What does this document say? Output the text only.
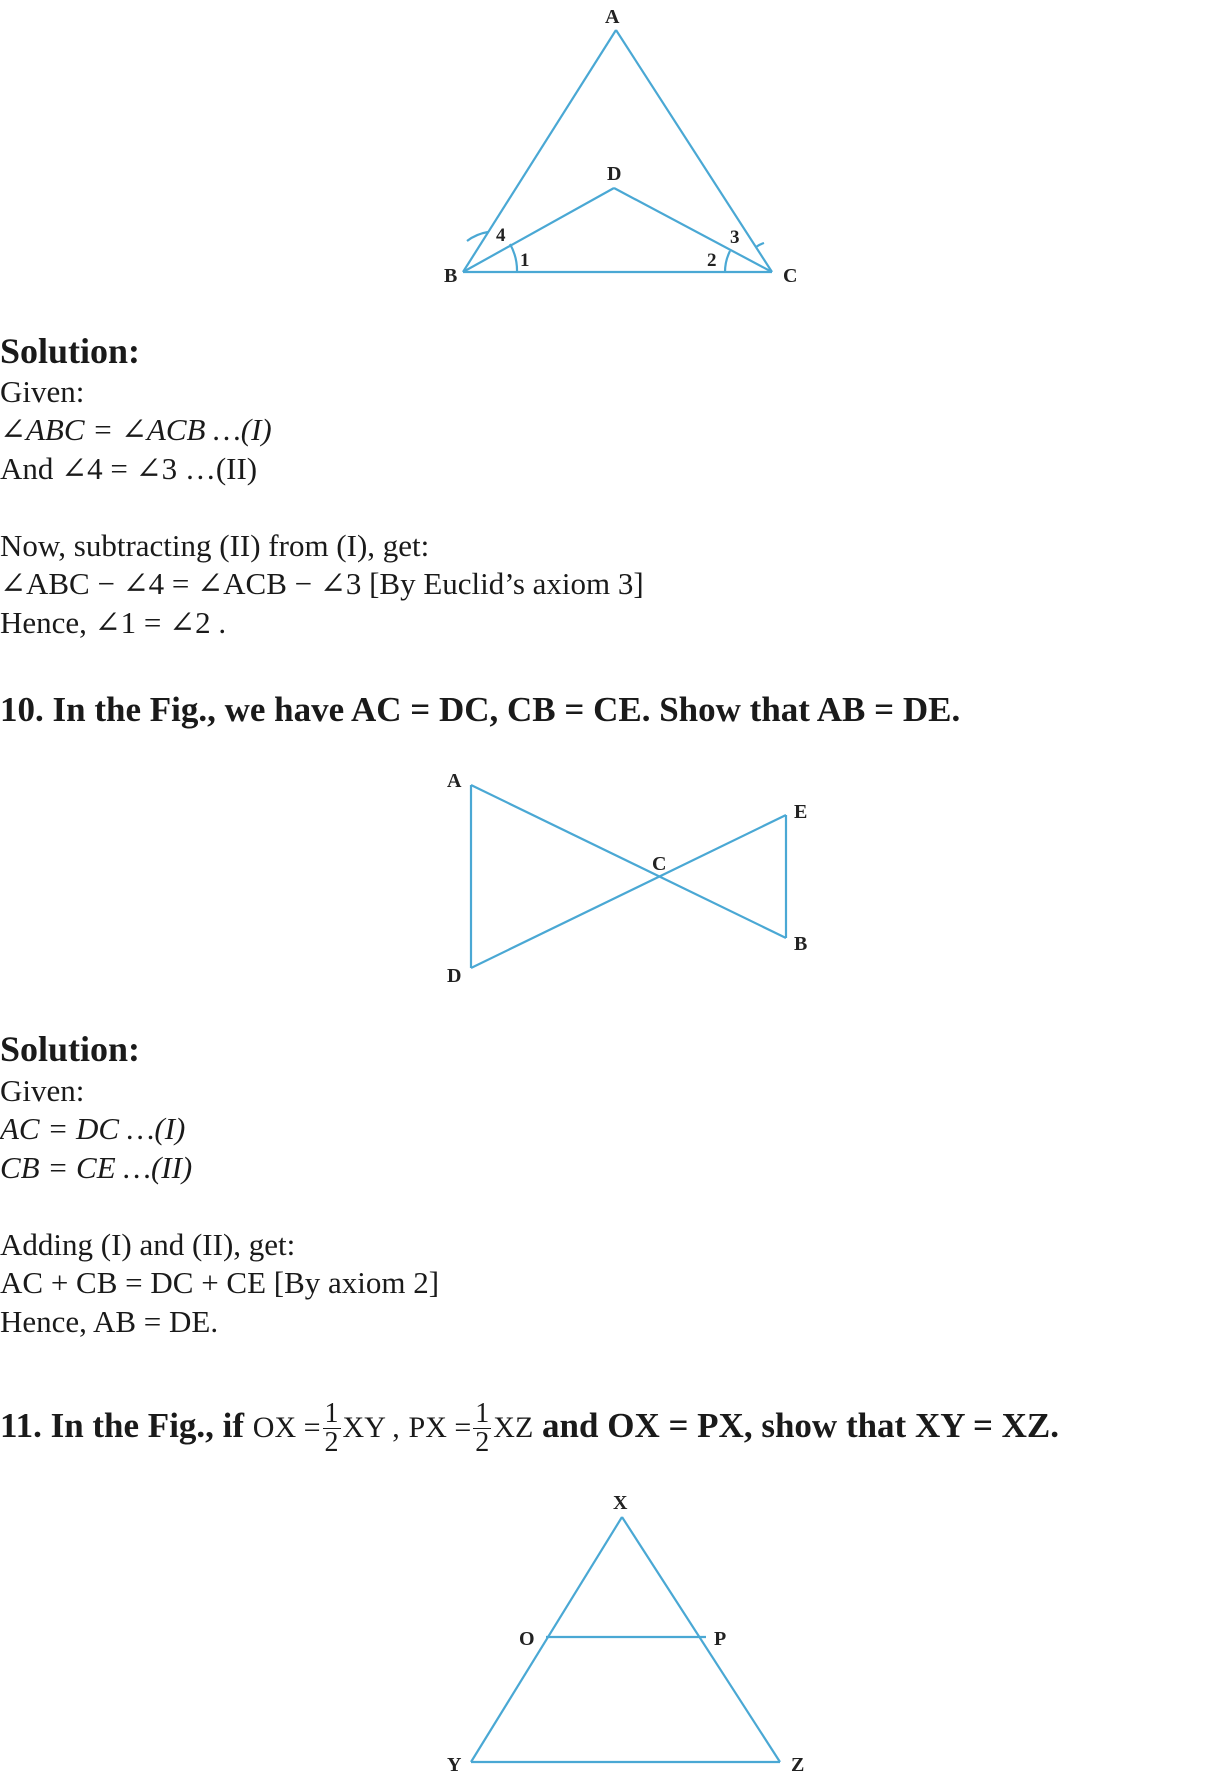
A
B	C
D
1	2
3
4
Solution:
Given:
∠ABC = ∠ACB …(I)
And ∠4 = ∠3 …(II)
Now, subtracting (II) from (I), get:
∠ABC − ∠4 = ∠ACB − ∠3 [By Euclid’s axiom 3]
Hence, ∠1 = ∠2 .
10. In the Fig., we have AC = DC, CB = CE. Show that AB = DE.
A
D
C
E
B
Solution:
Given:
AC = DC …(I)
CB = CE …(II)
Adding (I) and (II), get:
AC + CB = DC + CE [By axiom 2]
Hence, AB = DE.
11. In the Fig., if OX = $\frac{1}{2}$ XY , PX = $\frac{1}{2}$ XZ and OX = PX, show that XY = XZ.
X
O	P
Y	Z
